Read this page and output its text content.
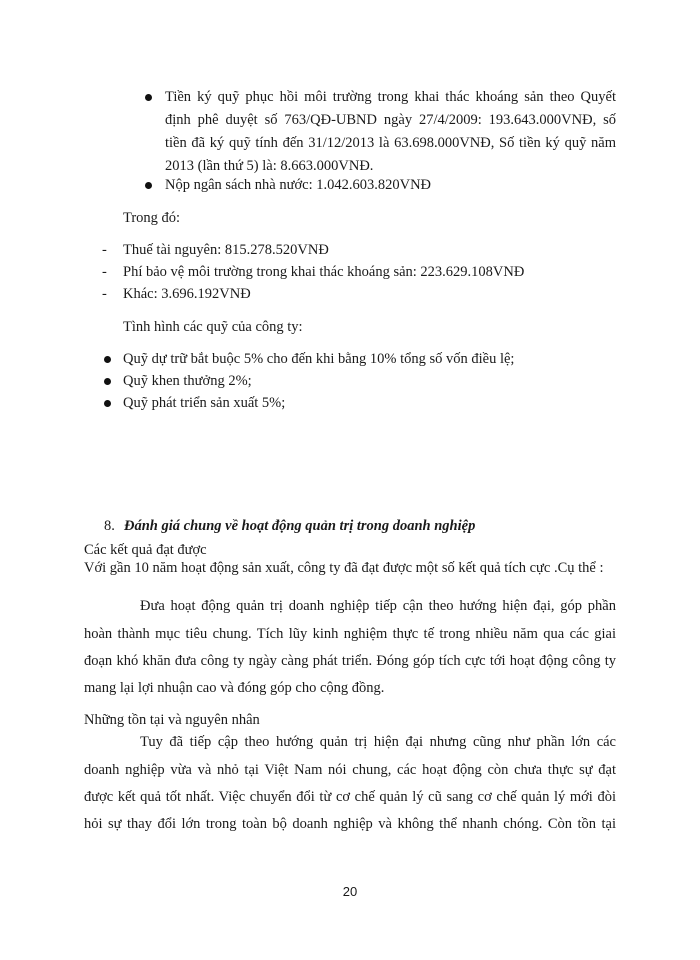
Tiền ký quỹ phục hồi môi trường trong khai thác khoáng sản theo Quyết
định phê duyệt số 763/QĐ-UBND ngày 27/4/2009: 193.643.000VNĐ, số
tiền đã ký quỹ tính đến 31/12/2013 là 63.698.000VNĐ, Số tiền ký quỹ năm
2013 (lần thứ 5) là: 8.663.000VNĐ.
Nộp ngân sách nhà nước: 1.042.603.820VNĐ
Trong đó:
- Thuế tài nguyên: 815.278.520VNĐ
- Phí bảo vệ môi trường trong khai thác khoáng sản: 223.629.108VNĐ
- Khác: 3.696.192VNĐ
Tình hình các quỹ của công ty:
Quỹ dự trữ bắt buộc 5% cho đến khi bằng 10% tổng số vốn điều lệ;
Quỹ khen thưởng 2%;
Quỹ phát triển sản xuất 5%;
8. Đánh giá chung về hoạt động quản trị trong doanh nghiệp
Các kết quả đạt được
Với gần 10 năm hoạt động sản xuất, công ty đã đạt được một số kết quả tích cực .Cụ thể :
Đưa hoạt động quản trị doanh nghiệp tiếp cận theo hướng hiện đại, góp phần
hoàn thành mục tiêu chung. Tích lũy kinh nghiệm thực tế trong nhiều năm qua các giai
đoạn khó khăn đưa công ty ngày càng phát triển. Đóng góp tích cực tới hoạt động công ty
mang lại lợi nhuận cao và đóng góp cho cộng đồng.
Những tồn tại và nguyên nhân
Tuy đã tiếp cập theo hướng quản trị hiện đại nhưng cũng như phần lớn các
doanh nghiệp vừa và nhỏ tại Việt Nam nói chung, các hoạt động còn chưa thực sự đạt
được kết quả tốt nhất. Việc chuyển đổi từ cơ chế quản lý cũ sang cơ chế quản lý mới đòi
hỏi sự thay đổi lớn trong toàn bộ doanh nghiệp và không thể nhanh chóng. Còn tồn tại
20
